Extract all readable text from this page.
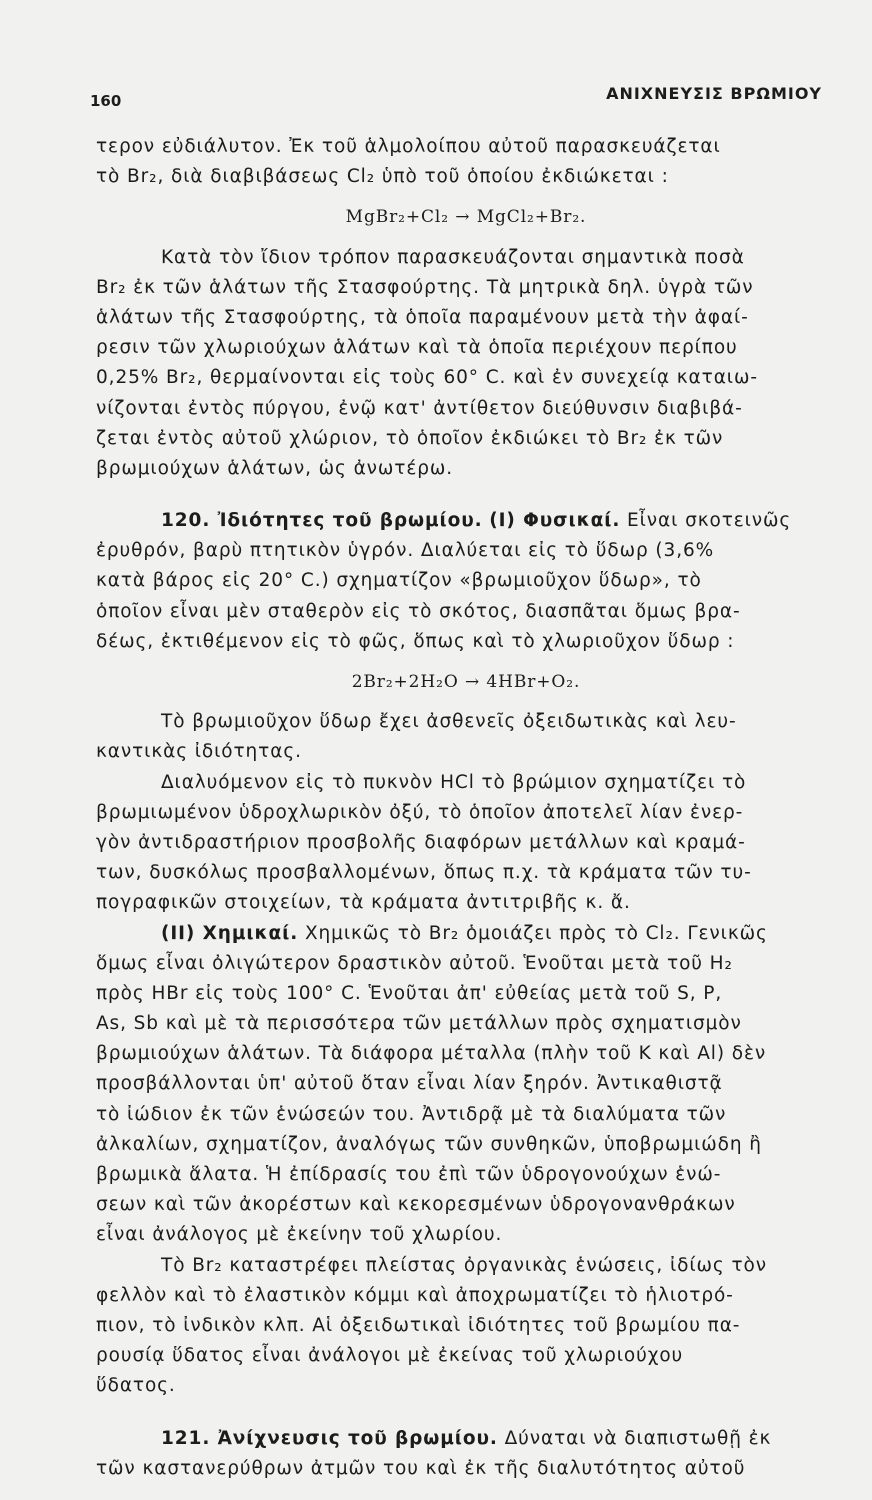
160	ΑΝΙΧΝΕΥΣΙΣ ΒΡΩΜΙΟΥ
τερον εὐδιάλυτον. Ἐκ τοῦ ἁλμολοίπου αὐτοῦ παρασκευάζεται
τὸ Br₂, διὰ διαβιβάσεως Cl₂ ὑπὸ τοῦ ὁποίου ἐκδιώκεται :
MgBr₂+Cl₂ → MgCl₂+Br₂.
Κατὰ τὸν ἴδιον τρόπον παρασκευάζονται σημαντικὰ ποσὰ
Br₂ ἐκ τῶν ἁλάτων τῆς Στασφούρτης. Τὰ μητρικὰ δηλ. ὑγρὰ τῶν
ἁλάτων τῆς Στασφούρτης, τὰ ὁποῖα παραμένουν μετὰ τὴν ἀφαί-
ρεσιν τῶν χλωριούχων ἁλάτων καὶ τὰ ὁποῖα περιέχουν περίπου
0,25% Br₂, θερμαίνονται εἰς τοὺς 60° C. καὶ ἐν συνεχείᾳ καταιω-
νίζονται ἐντὸς πύργου, ἐνῷ κατ' ἀντίθετον διεύθυνσιν διαβιβά-
ζεται ἐντὸς αὐτοῦ χλώριον, τὸ ὁποῖον ἐκδιώκει τὸ Br₂ ἐκ τῶν
βρωμιούχων ἁλάτων, ὡς ἀνωτέρω.
120. Ἰδιότητες τοῦ βρωμίου. (Ι) Φυσικαί. Εἶναι σκοτεινῶς
ἐρυθρόν, βαρὺ πτητικὸν ὑγρόν. Διαλύεται εἰς τὸ ὕδωρ (3,6%
κατὰ βάρος εἰς 20° C.) σχηματίζον «βρωμιοῦχον ὕδωρ», τὸ
ὁποῖον εἶναι μὲν σταθερὸν εἰς τὸ σκότος, διασπᾶται ὅμως βρα-
δέως, ἐκτιθέμενον εἰς τὸ φῶς, ὅπως καὶ τὸ χλωριοῦχον ὕδωρ :
2Br₂+2H₂O → 4HBr+O₂.
Τὸ βρωμιοῦχον ὕδωρ ἔχει ἀσθενεῖς ὀξειδωτικὰς καὶ λευ-
καντικὰς ἰδιότητας.
Διαλυόμενον εἰς τὸ πυκνὸν HCl τὸ βρώμιον σχηματίζει τὸ
βρωμιωμένον ὑδροχλωρικὸν ὀξύ, τὸ ὁποῖον ἀποτελεῖ λίαν ἐνερ-
γὸν ἀντιδραστήριον προσβολῆς διαφόρων μετάλλων καὶ κραμά-
των, δυσκόλως προσβαλλομένων, ὅπως π.χ. τὰ κράματα τῶν τυ-
πογραφικῶν στοιχείων, τὰ κράματα ἀντιτριβῆς κ. ἄ.
(ΙΙ) Χημικαί. Χημικῶς τὸ Br₂ ὁμοιάζει πρὸς τὸ Cl₂. Γενικῶς
ὅμως εἶναι ὀλιγώτερον δραστικὸν αὐτοῦ. Ἑνοῦται μετὰ τοῦ H₂
πρὸς HBr εἰς τοὺς 100° C. Ἑνοῦται ἀπ' εὐθείας μετὰ τοῦ S, P,
As, Sb καὶ μὲ τὰ περισσότερα τῶν μετάλλων πρὸς σχηματισμὸν
βρωμιούχων ἁλάτων. Τὰ διάφορα μέταλλα (πλὴν τοῦ K καὶ Al) δὲν
προσβάλλονται ὑπ' αὐτοῦ ὅταν εἶναι λίαν ξηρόν. Ἀντικαθιστᾷ
τὸ ἰώδιον ἐκ τῶν ἑνώσεών του. Ἀντιδρᾷ μὲ τὰ διαλύματα τῶν
ἀλκαλίων, σχηματίζον, ἀναλόγως τῶν συνθηκῶν, ὑποβρωμιώδη ἢ
βρωμικὰ ἅλατα. Ἡ ἐπίδρασίς του ἐπὶ τῶν ὑδρογονούχων ἑνώ-
σεων καὶ τῶν ἀκορέστων καὶ κεκορεσμένων ὑδρογονανθράκων
εἶναι ἀνάλογος μὲ ἐκείνην τοῦ χλωρίου.
Τὸ Br₂ καταστρέφει πλείστας ὀργανικὰς ἑνώσεις, ἰδίως τὸν
φελλὸν καὶ τὸ ἐλαστικὸν κόμμι καὶ ἀποχρωματίζει τὸ ἡλιοτρό-
πιον, τὸ ἰνδικὸν κλπ. Αἱ ὀξειδωτικαὶ ἰδιότητες τοῦ βρωμίου πα-
ρουσίᾳ ὕδατος εἶναι ἀνάλογοι μὲ ἐκείνας τοῦ χλωριούχου
ὕδατος.
121. Ἀνίχνευσις τοῦ βρωμίου. Δύναται νὰ διαπιστωθῇ ἐκ
τῶν καστανερύθρων ἀτμῶν του καὶ ἐκ τῆς διαλυτότητος αὐτοῦ
